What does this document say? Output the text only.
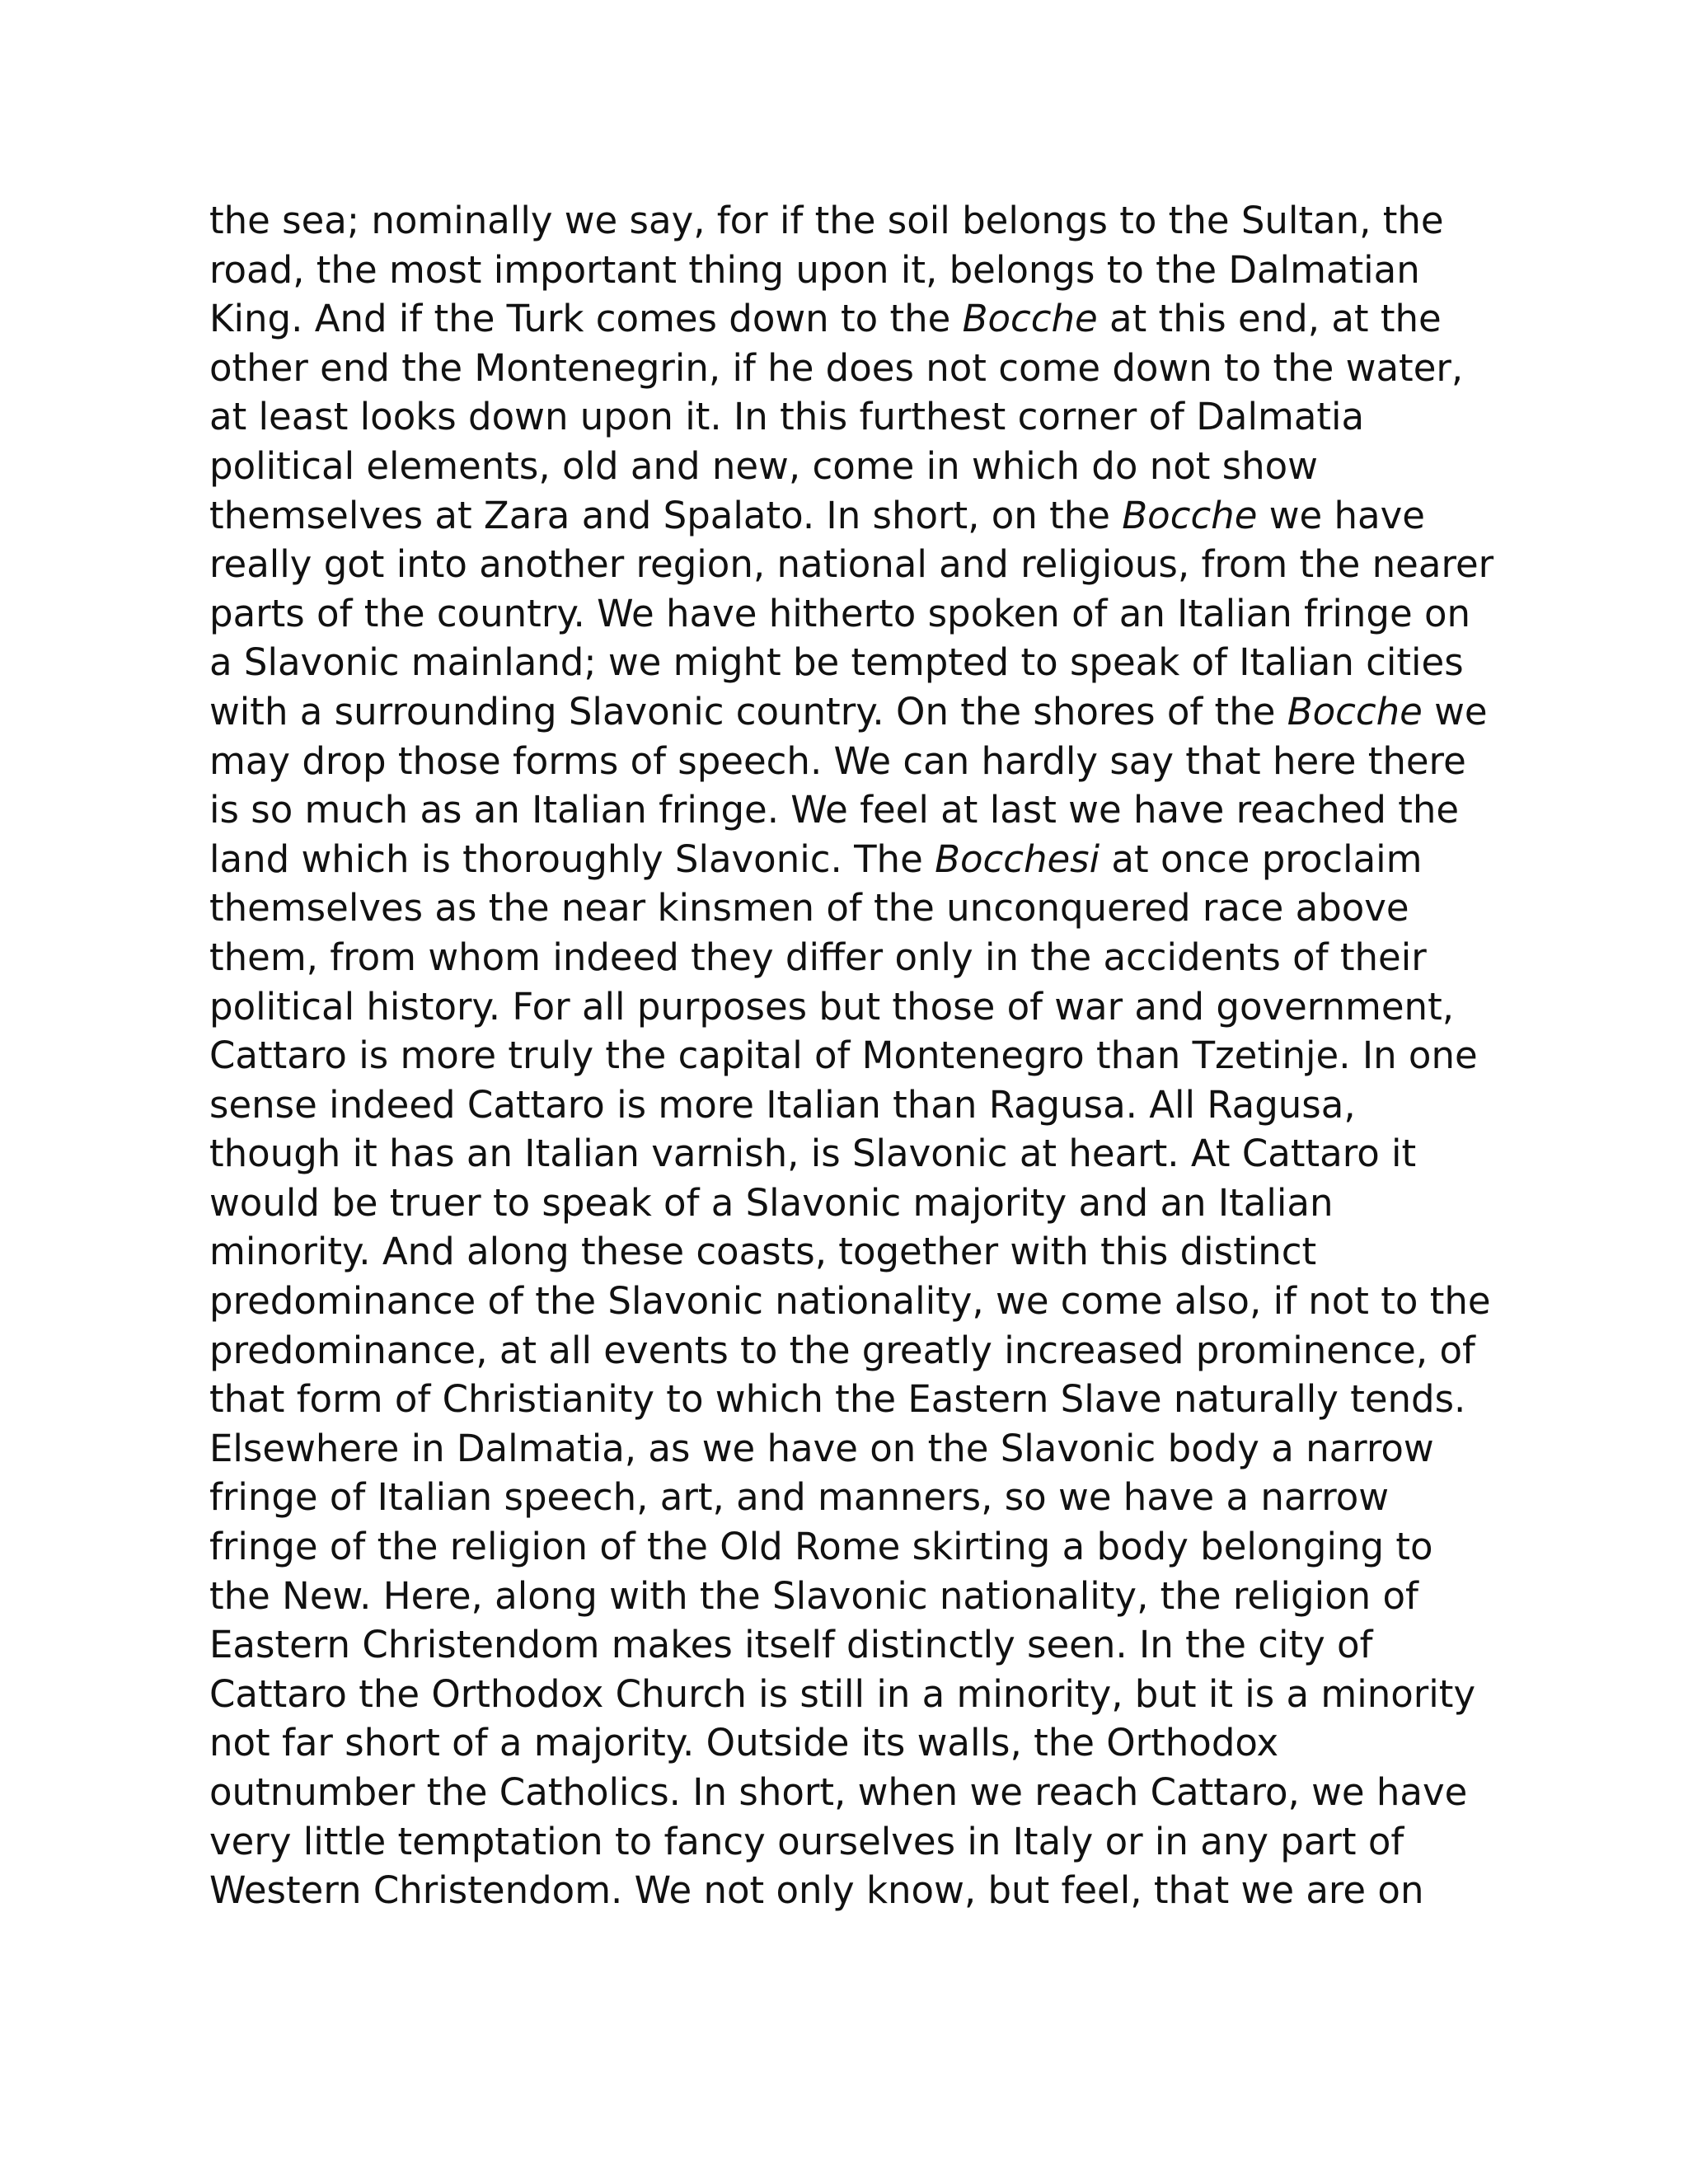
the sea; nominally we say, for if the soil belongs to the Sultan, the
road, the most important thing upon it, belongs to the Dalmatian
King. And if the Turk comes down to the Bocche at this end, at the
other end the Montenegrin, if he does not come down to the water,
at least looks down upon it. In this furthest corner of Dalmatia
political elements, old and new, come in which do not show
themselves at Zara and Spalato. In short, on the Bocche we have
really got into another region, national and religious, from the nearer
parts of the country. We have hitherto spoken of an Italian fringe on
a Slavonic mainland; we might be tempted to speak of Italian cities
with a surrounding Slavonic country. On the shores of the Bocche we
may drop those forms of speech. We can hardly say that here there
is so much as an Italian fringe. We feel at last we have reached the
land which is thoroughly Slavonic. The Bocchesi at once proclaim
themselves as the near kinsmen of the unconquered race above
them, from whom indeed they differ only in the accidents of their
political history. For all purposes but those of war and government,
Cattaro is more truly the capital of Montenegro than Tzetinje. In one
sense indeed Cattaro is more Italian than Ragusa. All Ragusa,
though it has an Italian varnish, is Slavonic at heart. At Cattaro it
would be truer to speak of a Slavonic majority and an Italian
minority. And along these coasts, together with this distinct
predominance of the Slavonic nationality, we come also, if not to the
predominance, at all events to the greatly increased prominence, of
that form of Christianity to which the Eastern Slave naturally tends.
Elsewhere in Dalmatia, as we have on the Slavonic body a narrow
fringe of Italian speech, art, and manners, so we have a narrow
fringe of the religion of the Old Rome skirting a body belonging to
the New. Here, along with the Slavonic nationality, the religion of
Eastern Christendom makes itself distinctly seen. In the city of
Cattaro the Orthodox Church is still in a minority, but it is a minority
not far short of a majority. Outside its walls, the Orthodox
outnumber the Catholics. In short, when we reach Cattaro, we have
very little temptation to fancy ourselves in Italy or in any part of
Western Christendom. We not only know, but feel, that we are on
